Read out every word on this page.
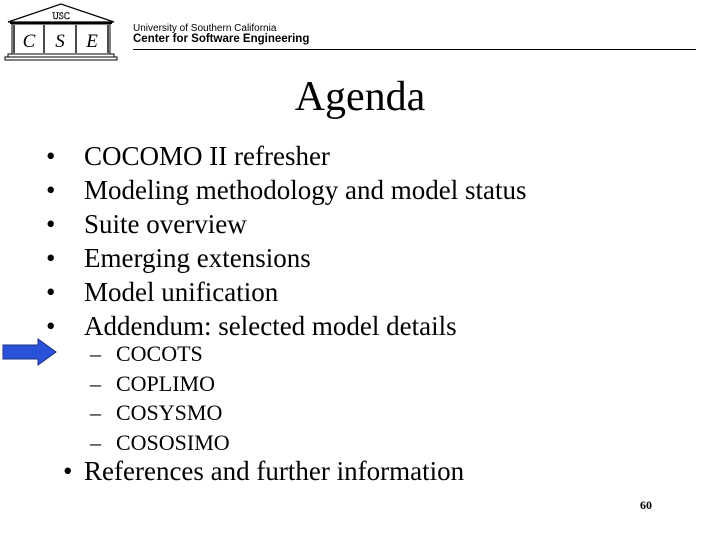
USC
C S E
University of Southern California
Center for Software Engineering
Agenda
• COCOMO II refresher
• Modeling methodology and model status
• Suite overview
• Emerging extensions
• Model unification
• Addendum: selected model details
– COCOTS
– COPLIMO
– COSYSMO
– COSOSIMO
• References and further information
60
